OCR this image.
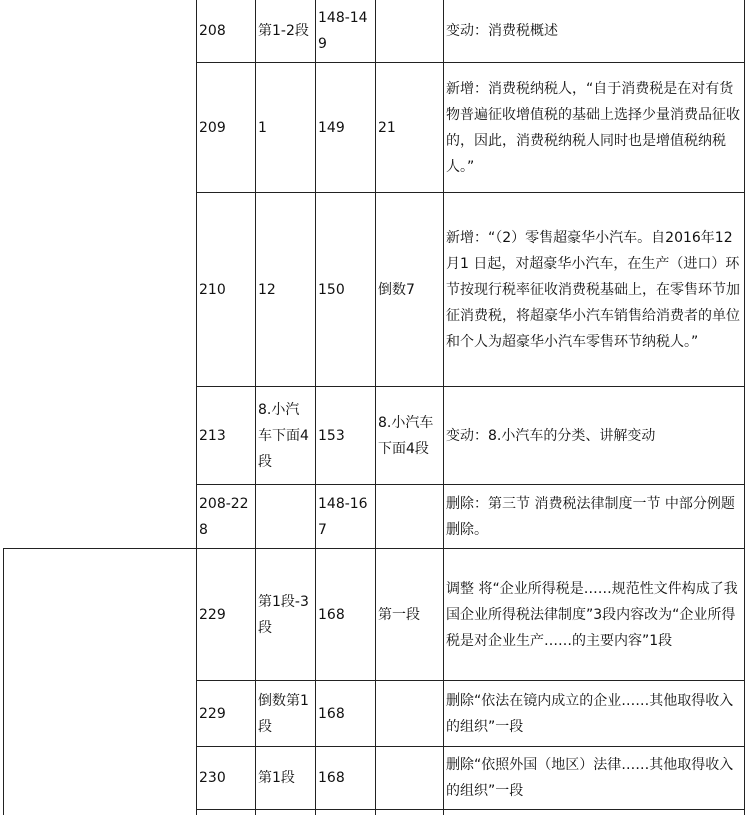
208 第1-2段
148-149
变动：消费税概述
209 1	149 21
新增：消费税纳税人，“自于消费税是在对有货物普遍征收增值税的基础上选择少量消费品征收的，因此，消费税纳税人同时也是增值税纳税人。”
210 12	150 倒数7
新增：“（2）零售超豪华小汽车。自2016年12月1 日起，对超豪华小汽车，在生产（进口）环节按现行税率征收消费税基础上，在零售环节加征消费税，将超豪华小汽车销售给消费者的单位和个人为超豪华小汽车零售环节纳税人。”
213
8.小汽车下面4段
153
8.小汽车下面4段
变动：8.小汽车的分类、讲解变动
208-228
148-167
删除：第三节 消费税法律制度一节 中部分例题删除。
229
第1段-3段
168 第一段
调整 将“企业所得税是……规范性文件构成了我国企业所得税法律制度”3段内容改为“企业所得税是对企业生产……的主要内容”1段
229
倒数第1段
168
删除“依法在镜内成立的企业……其他取得收入的组织”一段
230 第1段 168
删除“依照外国（地区）法律……其他取得收入的组织”一段
